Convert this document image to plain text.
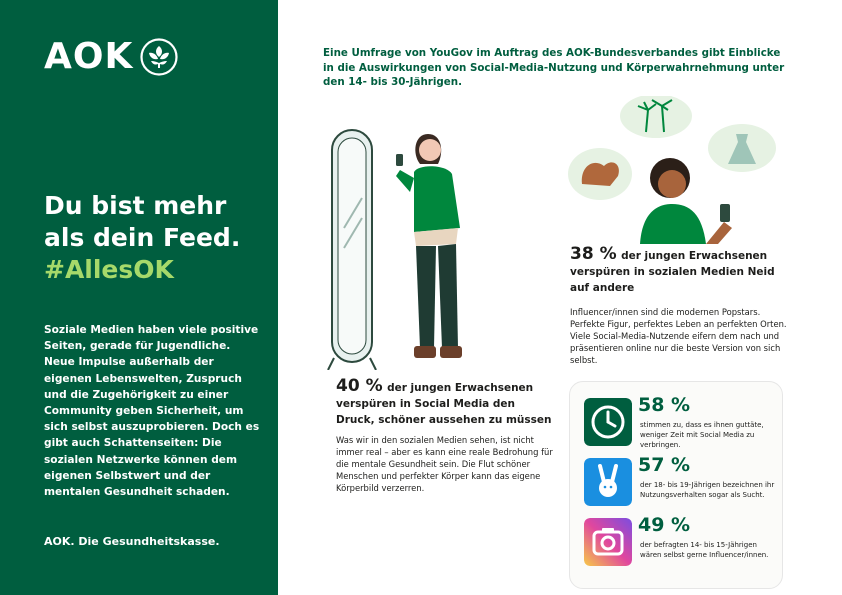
AOK
Du bist mehr
als dein Feed.
#AllesOK
Soziale Medien haben viele positive Seiten, gerade für Jugendliche. Neue Impulse außerhalb der eigenen Lebenswelten, Zuspruch und die Zugehörigkeit zu einer Community geben Sicherheit, um sich selbst auszuprobieren. Doch es gibt auch Schattenseiten: Die sozialen Netzwerke können dem eigenen Selbstwert und der mentalen Gesundheit schaden.
AOK. Die Gesundheitskasse.
Eine Umfrage von YouGov im Auftrag des AOK-Bundesverbandes gibt Einblicke in die Auswirkungen von Social-Media-Nutzung und Körperwahrnehmung unter den 14- bis 30-Jährigen.
38 % der jungen Erwachsenen verspüren in sozialen Medien Neid auf andere
Influencer/innen sind die modernen Popstars. Perfekte Figur, perfektes Leben an perfekten Orten. Viele Social-Media-Nutzende eifern dem nach und präsentieren online nur die beste Version von sich selbst.
40 % der jungen Erwachsenen verspüren in Social Media den Druck, schöner aussehen zu müssen
Was wir in den sozialen Medien sehen, ist nicht immer real – aber es kann eine reale Bedrohung für die mentale Gesundheit sein. Die Flut schöner Menschen und perfekter Körper kann das eigene Körperbild verzerren.
58 %
stimmen zu, dass es ihnen guttäte, weniger Zeit mit Social Media zu verbringen.
57 %
der 18- bis 19-Jährigen bezeichnen ihr Nutzungsverhalten sogar als Sucht.
49 %
der befragten 14- bis 15-Jährigen wären selbst gerne Influencer/innen.
